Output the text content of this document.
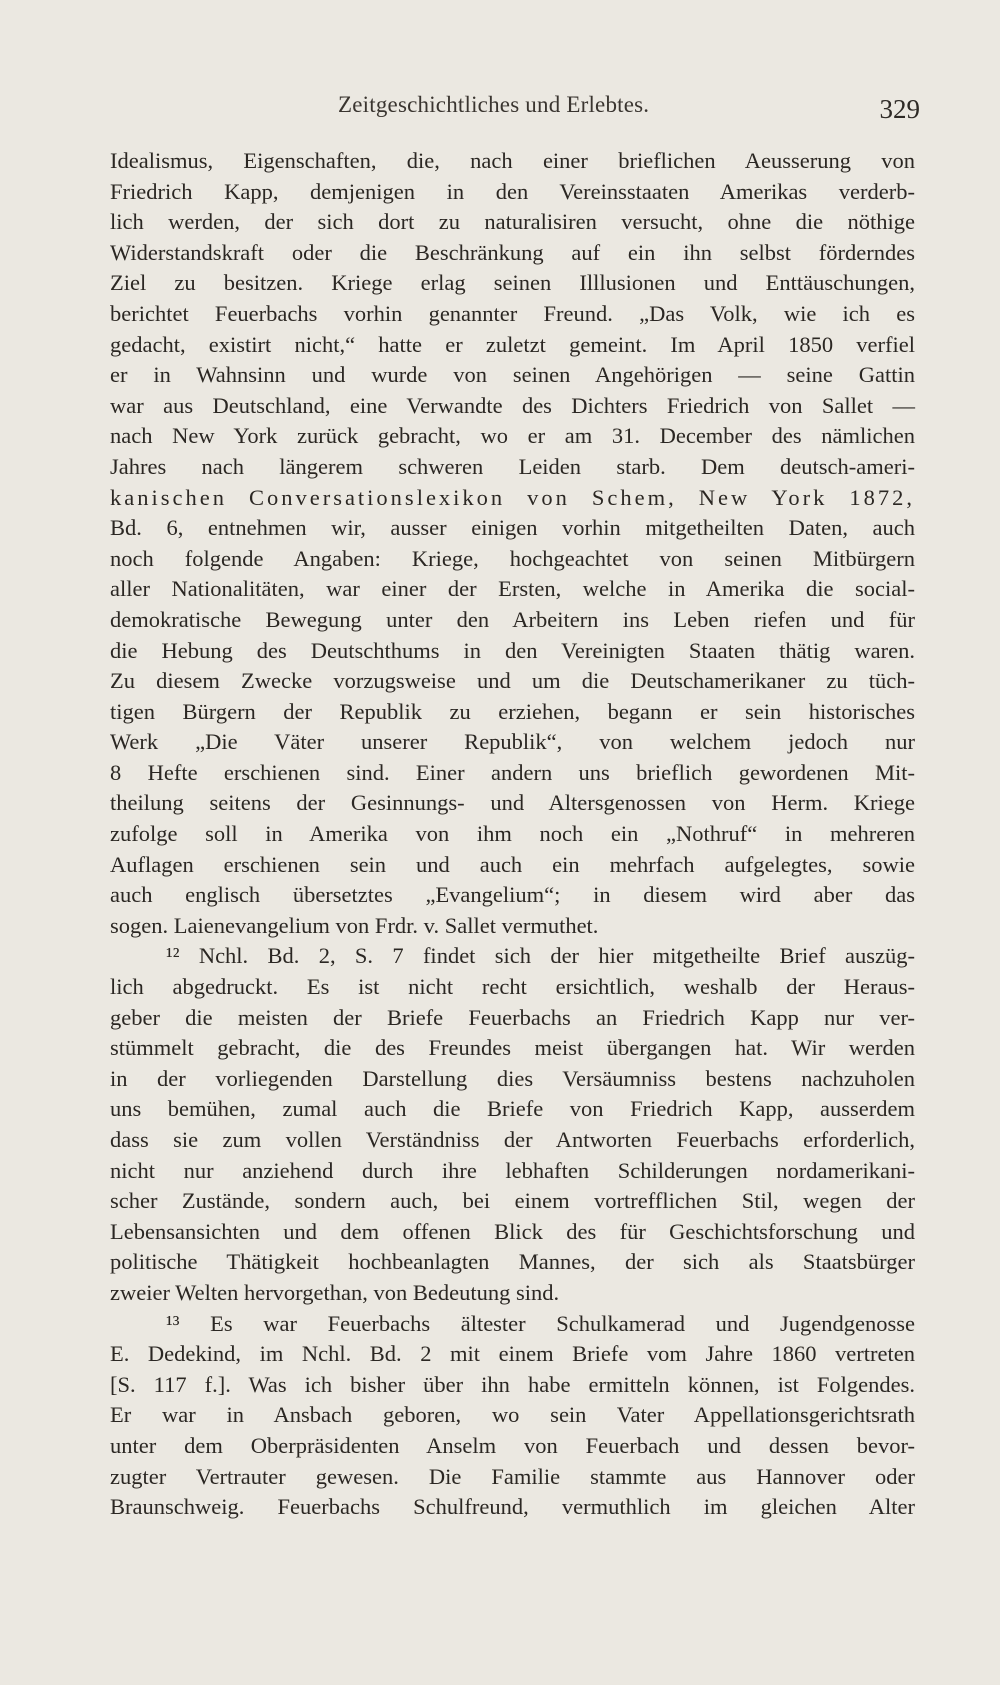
Zeitgeschichtliches und Erlebtes.	329
Idealismus, Eigenschaften, die, nach einer brieflichen Aeusserung von
Friedrich Kapp, demjenigen in den Vereinsstaaten Amerikas verderb-
lich werden, der sich dort zu naturalisiren versucht, ohne die nöthige
Widerstandskraft oder die Beschränkung auf ein ihn selbst förderndes
Ziel zu besitzen. Kriege erlag seinen Illlusionen und Enttäuschungen,
berichtet Feuerbachs vorhin genannter Freund. „Das Volk, wie ich es
gedacht, existirt nicht,“ hatte er zuletzt gemeint. Im April 1850 verfiel
er in Wahnsinn und wurde von seinen Angehörigen — seine Gattin
war aus Deutschland, eine Verwandte des Dichters Friedrich von Sallet —
nach New York zurück gebracht, wo er am 31. December des nämlichen
Jahres nach längerem schweren Leiden starb. Dem deutsch-ameri-
kanischen Conversationslexikon von Schem, New York 1872,
Bd. 6, entnehmen wir, ausser einigen vorhin mitgetheilten Daten, auch
noch folgende Angaben: Kriege, hochgeachtet von seinen Mitbürgern
aller Nationalitäten, war einer der Ersten, welche in Amerika die social-
demokratische Bewegung unter den Arbeitern ins Leben riefen und für
die Hebung des Deutschthums in den Vereinigten Staaten thätig waren.
Zu diesem Zwecke vorzugsweise und um die Deutschamerikaner zu tüch-
tigen Bürgern der Republik zu erziehen, begann er sein historisches
Werk „Die Väter unserer Republik“, von welchem jedoch nur
8 Hefte erschienen sind. Einer andern uns brieflich gewordenen Mit-
theilung seitens der Gesinnungs- und Altersgenossen von Herm. Kriege
zufolge soll in Amerika von ihm noch ein „Nothruf“ in mehreren
Auflagen erschienen sein und auch ein mehrfach aufgelegtes, sowie
auch englisch übersetztes „Evangelium“; in diesem wird aber das
sogen. Laienevangelium von Frdr. v. Sallet vermuthet.
¹² Nchl. Bd. 2, S. 7 findet sich der hier mitgetheilte Brief auszüg-
lich abgedruckt. Es ist nicht recht ersichtlich, weshalb der Heraus-
geber die meisten der Briefe Feuerbachs an Friedrich Kapp nur ver-
stümmelt gebracht, die des Freundes meist übergangen hat. Wir werden
in der vorliegenden Darstellung dies Versäumniss bestens nachzuholen
uns bemühen, zumal auch die Briefe von Friedrich Kapp, ausserdem
dass sie zum vollen Verständniss der Antworten Feuerbachs erforderlich,
nicht nur anziehend durch ihre lebhaften Schilderungen nordamerikani-
scher Zustände, sondern auch, bei einem vortrefflichen Stil, wegen der
Lebensansichten und dem offenen Blick des für Geschichtsforschung und
politische Thätigkeit hochbeanlagten Mannes, der sich als Staatsbürger
zweier Welten hervorgethan, von Bedeutung sind.
¹³ Es war Feuerbachs ältester Schulkamerad und Jugendgenosse
E. Dedekind, im Nchl. Bd. 2 mit einem Briefe vom Jahre 1860 vertreten
[S. 117 f.]. Was ich bisher über ihn habe ermitteln können, ist Folgendes.
Er war in Ansbach geboren, wo sein Vater Appellationsgerichtsrath
unter dem Oberpräsidenten Anselm von Feuerbach und dessen bevor-
zugter Vertrauter gewesen. Die Familie stammte aus Hannover oder
Braunschweig. Feuerbachs Schulfreund, vermuthlich im gleichen Alter
